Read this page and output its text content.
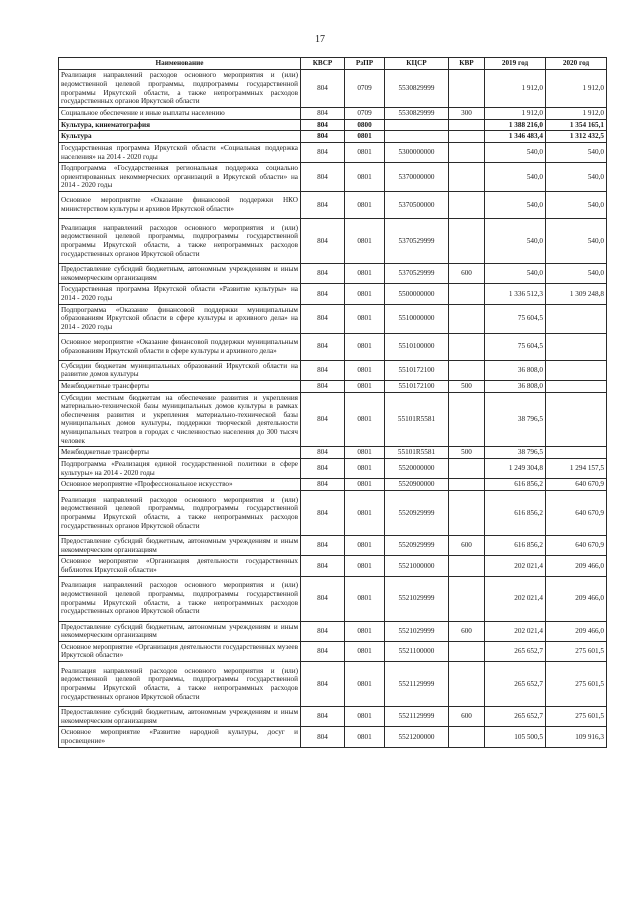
17
Наименование	КВСР	РзПР	КЦСР	КВР	2019 год	2020 год
Реализация направлений расходов основного мероприятия и (или) ведомственной целевой программы, подпрограммы государственной программы Иркутской области, а также непрограммных расходов государственных органов Иркутской области	804	0709	5530829999		1 912,0	1 912,0
Социальное обеспечение и иные выплаты населению	804	0709	5530829999	300	1 912,0	1 912,0
Культура, кинематография	804	0800			1 388 216,0	1 354 165,1
Культура	804	0801			1 346 483,4	1 312 432,5
Государственная программа Иркутской области «Социальная поддержка населения» на 2014 - 2020 годы	804	0801	5300000000		540,0	540,0
Подпрограмма «Государственная региональная поддержка социально ориентированных некоммерческих организаций в Иркутской области» на 2014 - 2020 годы	804	0801	5370000000		540,0	540,0
Основное мероприятие «Оказание финансовой поддержки НКО министерством культуры и архивов Иркутской области»	804	0801	5370500000		540,0	540,0
Реализация направлений расходов основного мероприятия и (или) ведомственной целевой программы, подпрограммы государственной программы Иркутской области, а также непрограммных расходов государственных органов Иркутской области	804	0801	5370529999		540,0	540,0
Предоставление субсидий бюджетным, автономным учреждениям и иным некоммерческим организациям	804	0801	5370529999	600	540,0	540,0
Государственная программа Иркутской области «Развитие культуры» на 2014 - 2020 годы	804	0801	5500000000		1 336 512,3	1 309 248,8
Подпрограмма «Оказание финансовой поддержки муниципальным образованиям Иркутской области в сфере культуры и архивного дела» на 2014 - 2020 годы	804	0801	5510000000		75 604,5	
Основное мероприятие «Оказание финансовой поддержки муниципальным образованиям Иркутской области в сфере культуры и архивного дела»	804	0801	5510100000		75 604,5	
Субсидии бюджетам муниципальных образований Иркутской области на развитие домов культуры	804	0801	5510172100		36 808,0	
Межбюджетные трансферты	804	0801	5510172100	500	36 808,0	
Субсидии местным бюджетам на обеспечение развития и укрепления материально-технической базы муниципальных домов культуры в рамках обеспечения развития и укрепления материально-технической базы муниципальных домов культуры, поддержки творческой деятельности муниципальных театров в городах с численностью населения до 300 тысяч человек	804	0801	55101R5581		38 796,5	
Межбюджетные трансферты	804	0801	55101R5581	500	38 796,5	
Подпрограмма «Реализация единой государственной политики в сфере культуры» на 2014 - 2020 годы	804	0801	5520000000		1 249 304,8	1 294 157,5
Основное мероприятие «Профессиональное искусство»	804	0801	5520900000		616 856,2	640 670,9
Реализация направлений расходов основного мероприятия и (или) ведомственной целевой программы, подпрограммы государственной программы Иркутской области, а также непрограммных расходов государственных органов Иркутской области	804	0801	5520929999		616 856,2	640 670,9
Предоставление субсидий бюджетным, автономным учреждениям и иным некоммерческим организациям	804	0801	5520929999	600	616 856,2	640 670,9
Основное мероприятие «Организация деятельности государственных библиотек Иркутской области»	804	0801	5521000000		202 021,4	209 466,0
Реализация направлений расходов основного мероприятия и (или) ведомственной целевой программы, подпрограммы государственной программы Иркутской области, а также непрограммных расходов государственных органов Иркутской области	804	0801	5521029999		202 021,4	209 466,0
Предоставление субсидий бюджетным, автономным учреждениям и иным некоммерческим организациям	804	0801	5521029999	600	202 021,4	209 466,0
Основное мероприятие «Организация деятельности государственных музеев Иркутской области»	804	0801	5521100000		265 652,7	275 601,5
Реализация направлений расходов основного мероприятия и (или) ведомственной целевой программы, подпрограммы государственной программы Иркутской области, а также непрограммных расходов государственных органов Иркутской области	804	0801	5521129999		265 652,7	275 601,5
Предоставление субсидий бюджетным, автономным учреждениям и иным некоммерческим организациям	804	0801	5521129999	600	265 652,7	275 601,5
Основное мероприятие «Развитие народной культуры, досуг и просвещение»	804	0801	5521200000		105 500,5	109 916,3
